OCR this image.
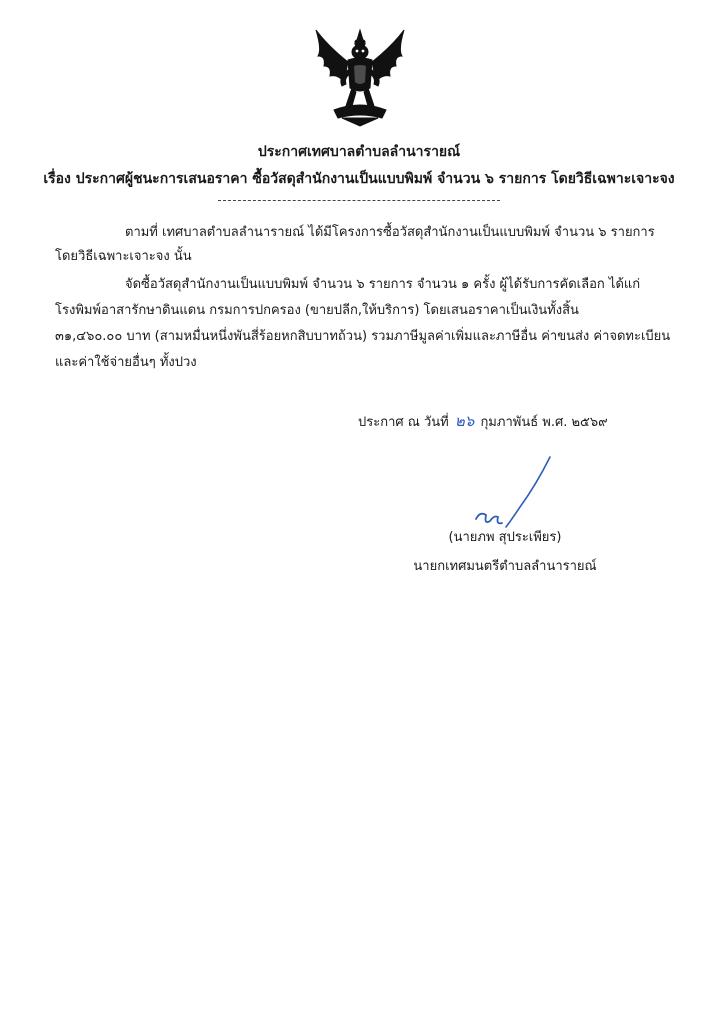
ประกาศเทศบาลตำบลลำนารายณ์
เรื่อง ประกาศผู้ชนะการเสนอราคา ซื้อวัสดุสำนักงานเป็นแบบพิมพ์ จำนวน ๖ รายการ โดยวิธีเฉพาะเจาะจง
ตามที่ เทศบาลตำบลลำนารายณ์ ได้มีโครงการซื้อวัสดุสำนักงานเป็นแบบพิมพ์ จำนวน ๖ รายการ
โดยวิธีเฉพาะเจาะจง นั้น
จัดซื้อวัสดุสำนักงานเป็นแบบพิมพ์ จำนวน ๖ รายการ จำนวน ๑ ครั้ง ผู้ได้รับการคัดเลือก ได้แก่
โรงพิมพ์อาสารักษาดินแดน กรมการปกครอง (ขายปลีก,ให้บริการ) โดยเสนอราคาเป็นเงินทั้งสิ้น
๓๑,๔๖๐.๐๐ บาท (สามหมื่นหนึ่งพันสี่ร้อยหกสิบบาทถ้วน) รวมภาษีมูลค่าเพิ่มและภาษีอื่น ค่าขนส่ง ค่าจดทะเบียน
และค่าใช้จ่ายอื่นๆ ทั้งปวง
ประกาศ ณ วันที่ ๒๖ กุมภาพันธ์ พ.ศ. ๒๕๖๙
(นายภพ สุประเพียร)
นายกเทศมนตรีตำบลลำนารายณ์
